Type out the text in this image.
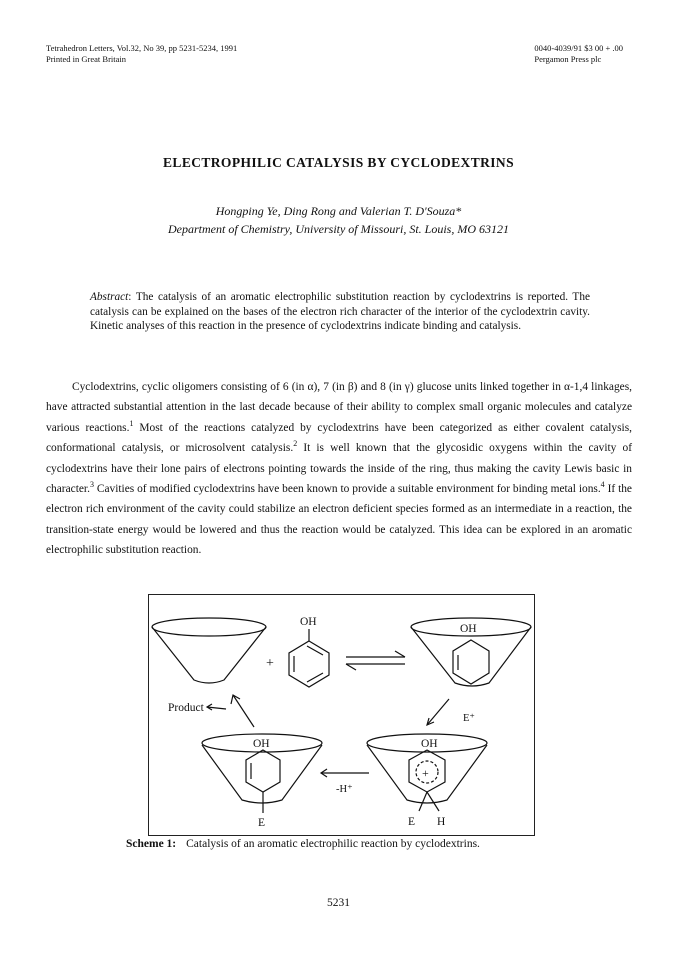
Tetrahedron Letters, Vol.32, No 39, pp 5231-5234, 1991
Printed in Great Britain
0040-4039/91 $3 00 + .00
Pergamon Press plc
ELECTROPHILIC CATALYSIS BY CYCLODEXTRINS
Hongping Ye, Ding Rong and Valerian T. D'Souza*
Department of Chemistry, University of Missouri, St. Louis, MO 63121
Abstract: The catalysis of an aromatic electrophilic substitution reaction by cyclodextrins is reported. The catalysis can be explained on the bases of the electron rich character of the interior of the cyclodextrin cavity. Kinetic analyses of this reaction in the presence of cyclodextrins indicate binding and catalysis.
Cyclodextrins, cyclic oligomers consisting of 6 (in α), 7 (in β) and 8 (in γ) glucose units linked together in α-1,4 linkages, have attracted substantial attention in the last decade because of their ability to complex small organic molecules and catalyze various reactions.$^1$ Most of the reactions catalyzed by cyclodextrins have been categorized as either covalent catalysis, conformational catalysis, or microsolvent catalysis.$^2$ It is well known that the glycosidic oxygens within the cavity of cyclodextrins have their lone pairs of electrons pointing towards the inside of the ring, thus making the cavity Lewis basic in character.$^3$ Cavities of modified cyclodextrins have been known to provide a suitable environment for binding metal ions.$^4$ If the electron rich environment of the cavity could stabilize an electron deficient species formed as an intermediate in a reaction, the transition-state energy would be lowered and thus the reaction would be catalyzed. This idea can be explored in an aromatic electrophilic substitution reaction.
OH
+
OH
Product
E⁺
OH	OH
-H⁺
E	E H
+
Scheme 1: Catalysis of an aromatic electrophilic reaction by cyclodextrins.
5231
